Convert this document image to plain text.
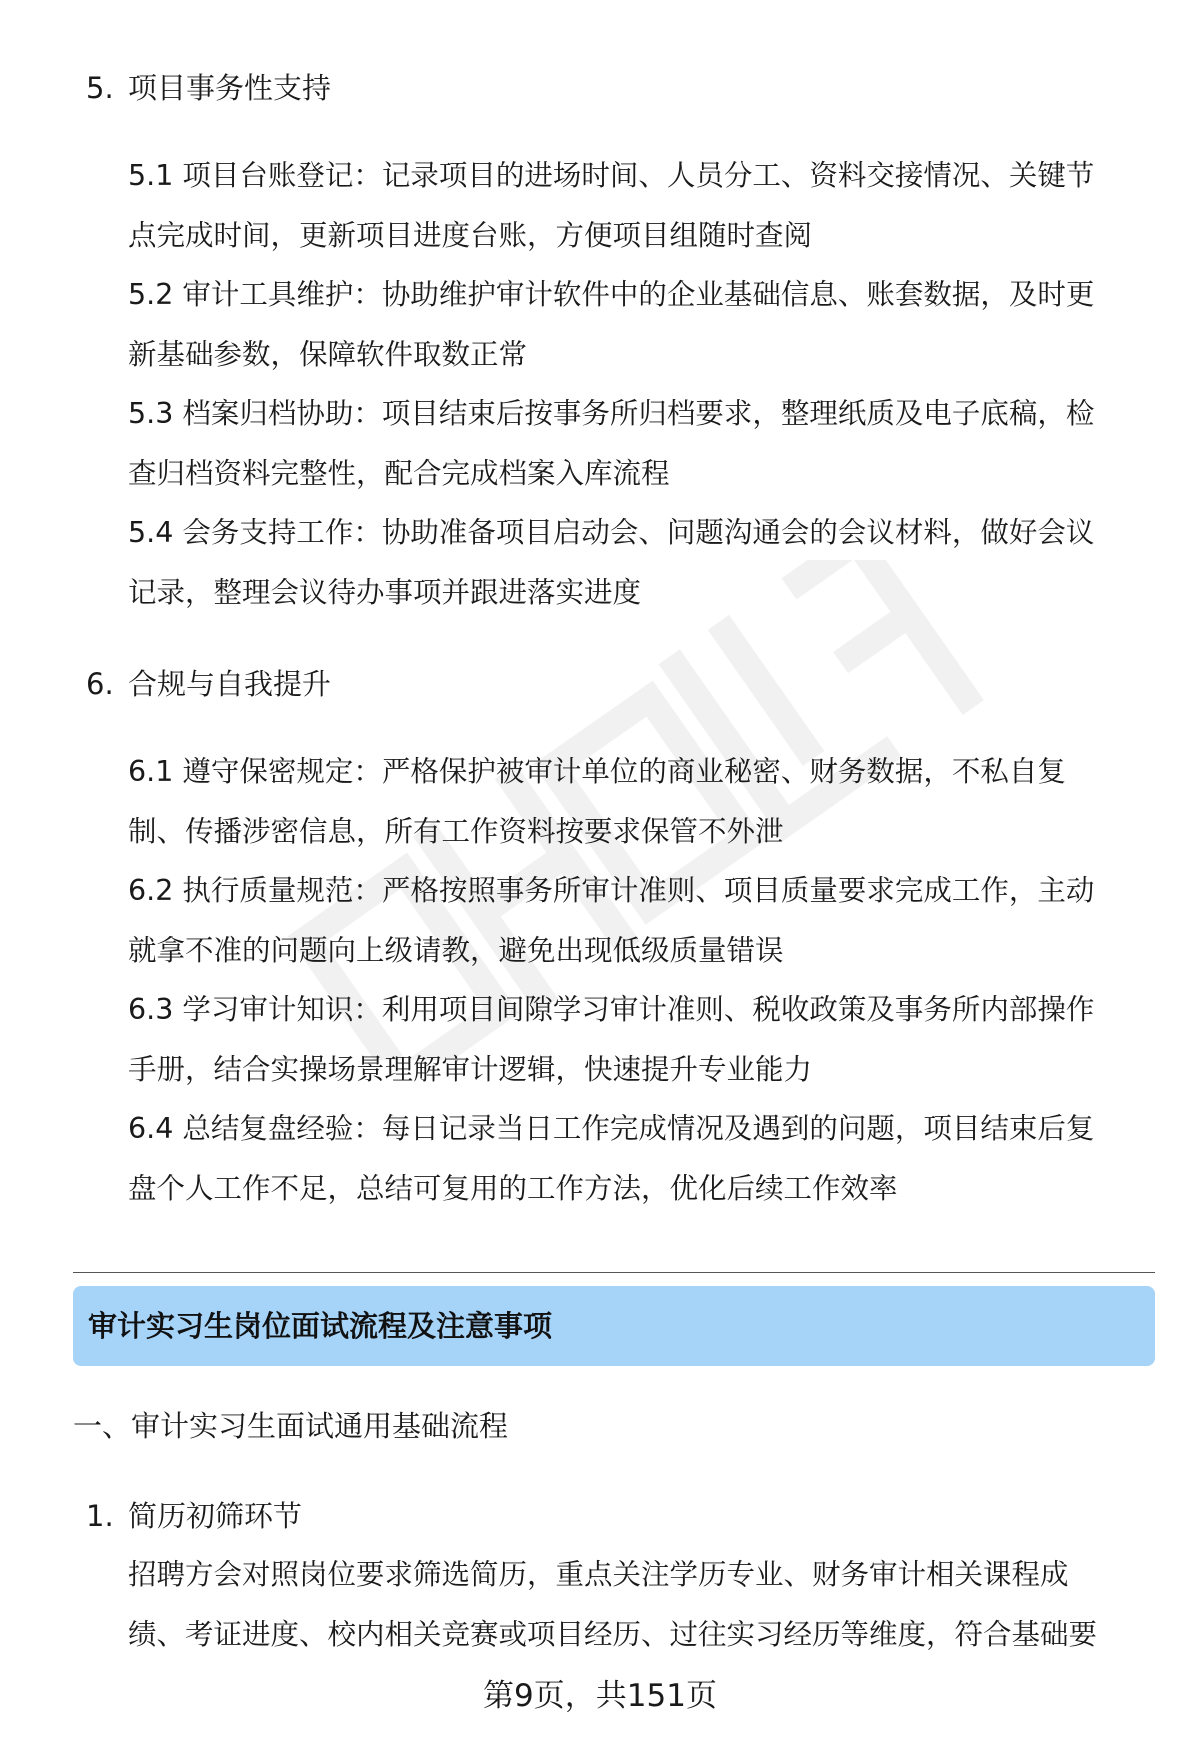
5. 项目事务性支持
5.1 项目台账登记：记录项目的进场时间、人员分工、资料交接情况、关键节
点完成时间，更新项目进度台账，方便项目组随时查阅
5.2 审计工具维护：协助维护审计软件中的企业基础信息、账套数据，及时更
新基础参数，保障软件取数正常
5.3 档案归档协助：项目结束后按事务所归档要求，整理纸质及电子底稿，检
查归档资料完整性，配合完成档案入库流程
5.4 会务支持工作：协助准备项目启动会、问题沟通会的会议材料，做好会议
记录，整理会议待办事项并跟进落实进度
6. 合规与自我提升
6.1 遵守保密规定：严格保护被审计单位的商业秘密、财务数据，不私自复
制、传播涉密信息，所有工作资料按要求保管不外泄
6.2 执行质量规范：严格按照事务所审计准则、项目质量要求完成工作，主动
就拿不准的问题向上级请教，避免出现低级质量错误
6.3 学习审计知识：利用项目间隙学习审计准则、税收政策及事务所内部操作
手册，结合实操场景理解审计逻辑，快速提升专业能力
6.4 总结复盘经验：每日记录当日工作完成情况及遇到的问题，项目结束后复
盘个人工作不足，总结可复用的工作方法，优化后续工作效率
审计实习生岗位面试流程及注意事项
一、审计实习生面试通用基础流程
1. 简历初筛环节
招聘方会对照岗位要求筛选简历，重点关注学历专业、财务审计相关课程成
绩、考证进度、校内相关竞赛或项目经历、过往实习经历等维度，符合基础要
第9页，共151页
